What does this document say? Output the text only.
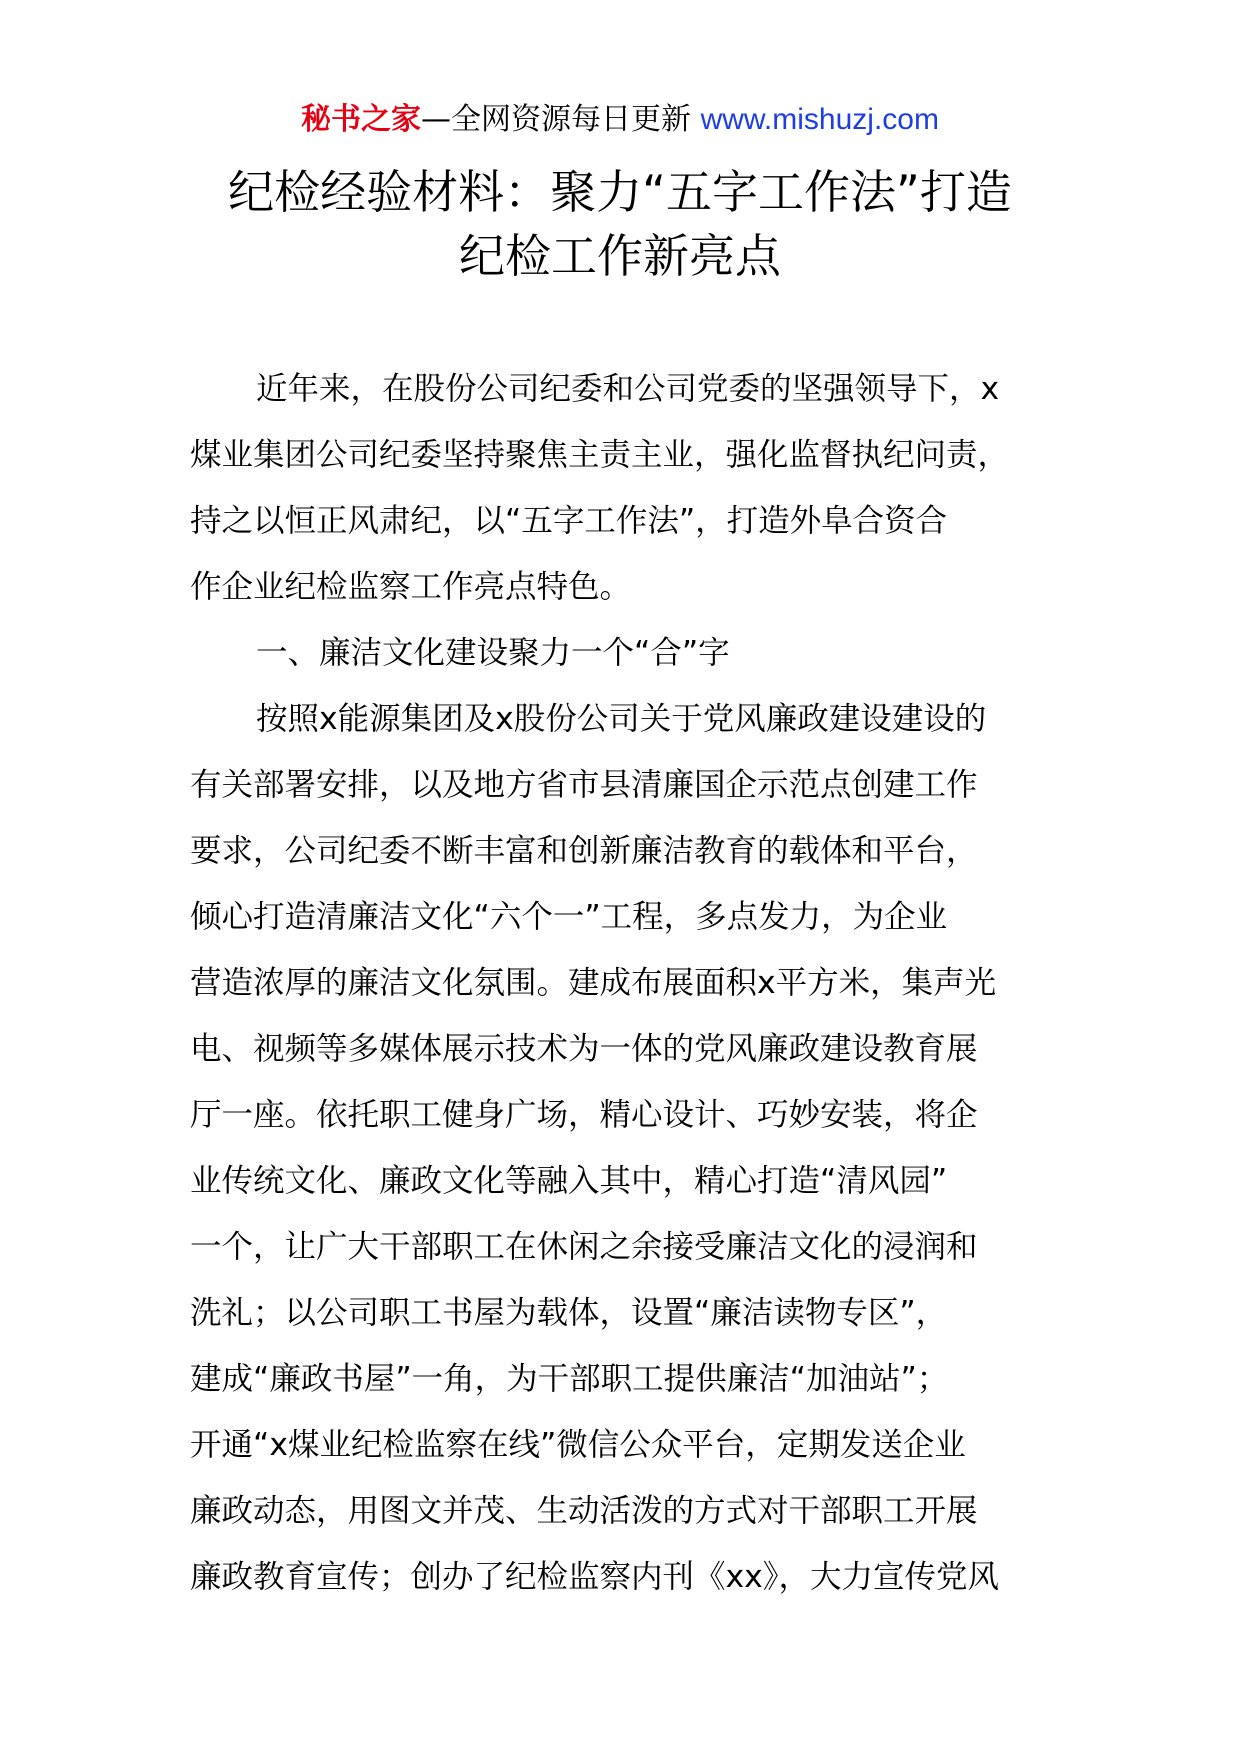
秘书之家—全网资源每日更新 www.mishuzj.com
纪检经验材料：聚力“五字工作法”打造
纪检工作新亮点

近年来，在股份公司纪委和公司党委的坚强领导下，x
煤业集团公司纪委坚持聚焦主责主业，强化监督执纪问责，
持之以恒正风肃纪，以“五字工作法”，打造外阜合资合
作企业纪检监察工作亮点特色。

一、廉洁文化建设聚力一个“合”字

按照x能源集团及x股份公司关于党风廉政建设建设的
有关部署安排，以及地方省市县清廉国企示范点创建工作
要求，公司纪委不断丰富和创新廉洁教育的载体和平台，
倾心打造清廉洁文化“六个一”工程，多点发力，为企业
营造浓厚的廉洁文化氛围。建成布展面积x平方米，集声光
电、视频等多媒体展示技术为一体的党风廉政建设教育展
厅一座。依托职工健身广场，精心设计、巧妙安装，将企
业传统文化、廉政文化等融入其中，精心打造“清风园”
一个，让广大干部职工在休闲之余接受廉洁文化的浸润和
洗礼；以公司职工书屋为载体，设置“廉洁读物专区”，
建成“廉政书屋”一角，为干部职工提供廉洁“加油站”；
开通“x煤业纪检监察在线”微信公众平台，定期发送企业
廉政动态，用图文并茂、生动活泼的方式对干部职工开展
廉政教育宣传；创办了纪检监察内刊《xx》，大力宣传党风
